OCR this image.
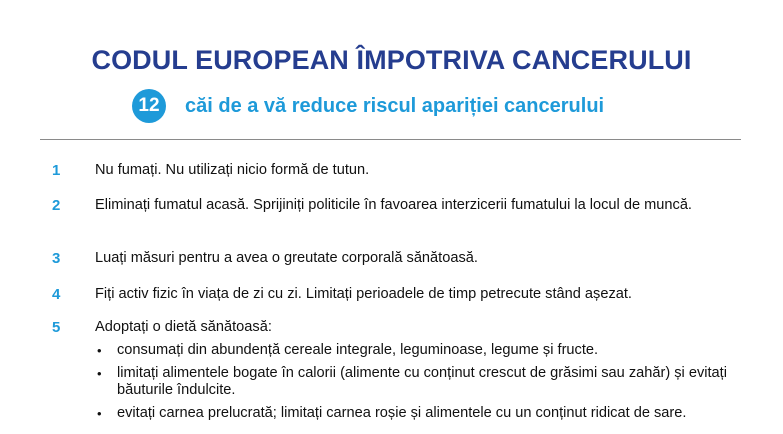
CODUL EUROPEAN ÎMPOTRIVA CANCERULUI
12	căi de a vă reduce riscul apariției cancerului
1 Nu fumați. Nu utilizați nicio formă de tutun.
2 Eliminați fumatul acasă. Sprijiniți politicile în favoarea interzicerii fumatului la locul de muncă.
3 Luați măsuri pentru a avea o greutate corporală sănătoasă.
4 Fiți activ fizic în viața de zi cu zi. Limitați perioadele de timp petrecute stând așezat.
5 Adoptați o dietă sănătoasă:
• consumați din abundență cereale integrale, leguminoase, legume și fructe.
• limitați alimentele bogate în calorii (alimente cu conținut crescut de grăsimi sau zahăr) și evitați băuturile îndulcite.
• evitați carnea prelucrată; limitați carnea roșie și alimentele cu un conținut ridicat de sare.
